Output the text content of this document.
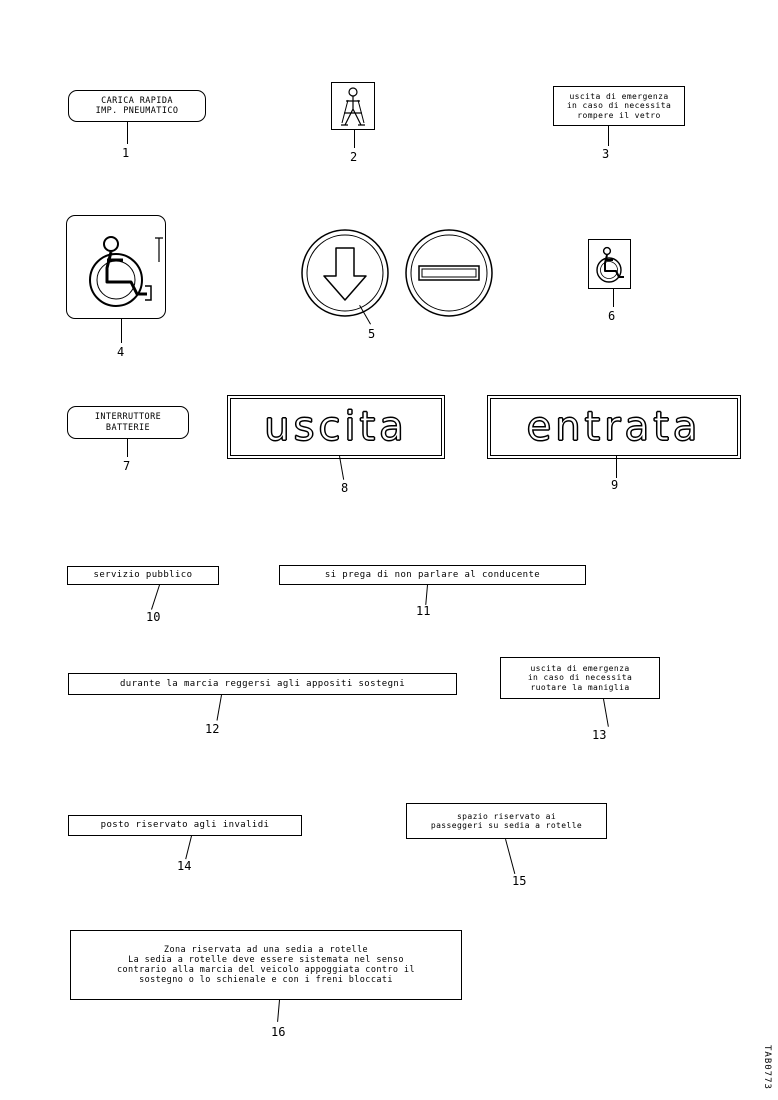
CARICA RAPIDA
IMP. PNEUMATICO
1	2
uscita di emergenza
in caso di necessita
rompere il vetro
3
4
5
6
INTERRUTTORE
BATTERIE
7
uscita
8
entrata
9
servizio pubblico
10
si prega di non parlare al conducente
11
durante la marcia reggersi agli appositi sostegni
12
uscita di emergenza
in caso di necessita
ruotare la maniglia
13
posto riservato agli invalidi
14
spazio riservato ai
passeggeri su sedia a rotelle
15
Zona riservata ad una sedia a rotelle
La sedia a rotelle deve essere sistemata nel senso
contrario alla marcia del veicolo appoggiata contro il
sostegno o lo schienale e con i freni bloccati
16
TAB0773
